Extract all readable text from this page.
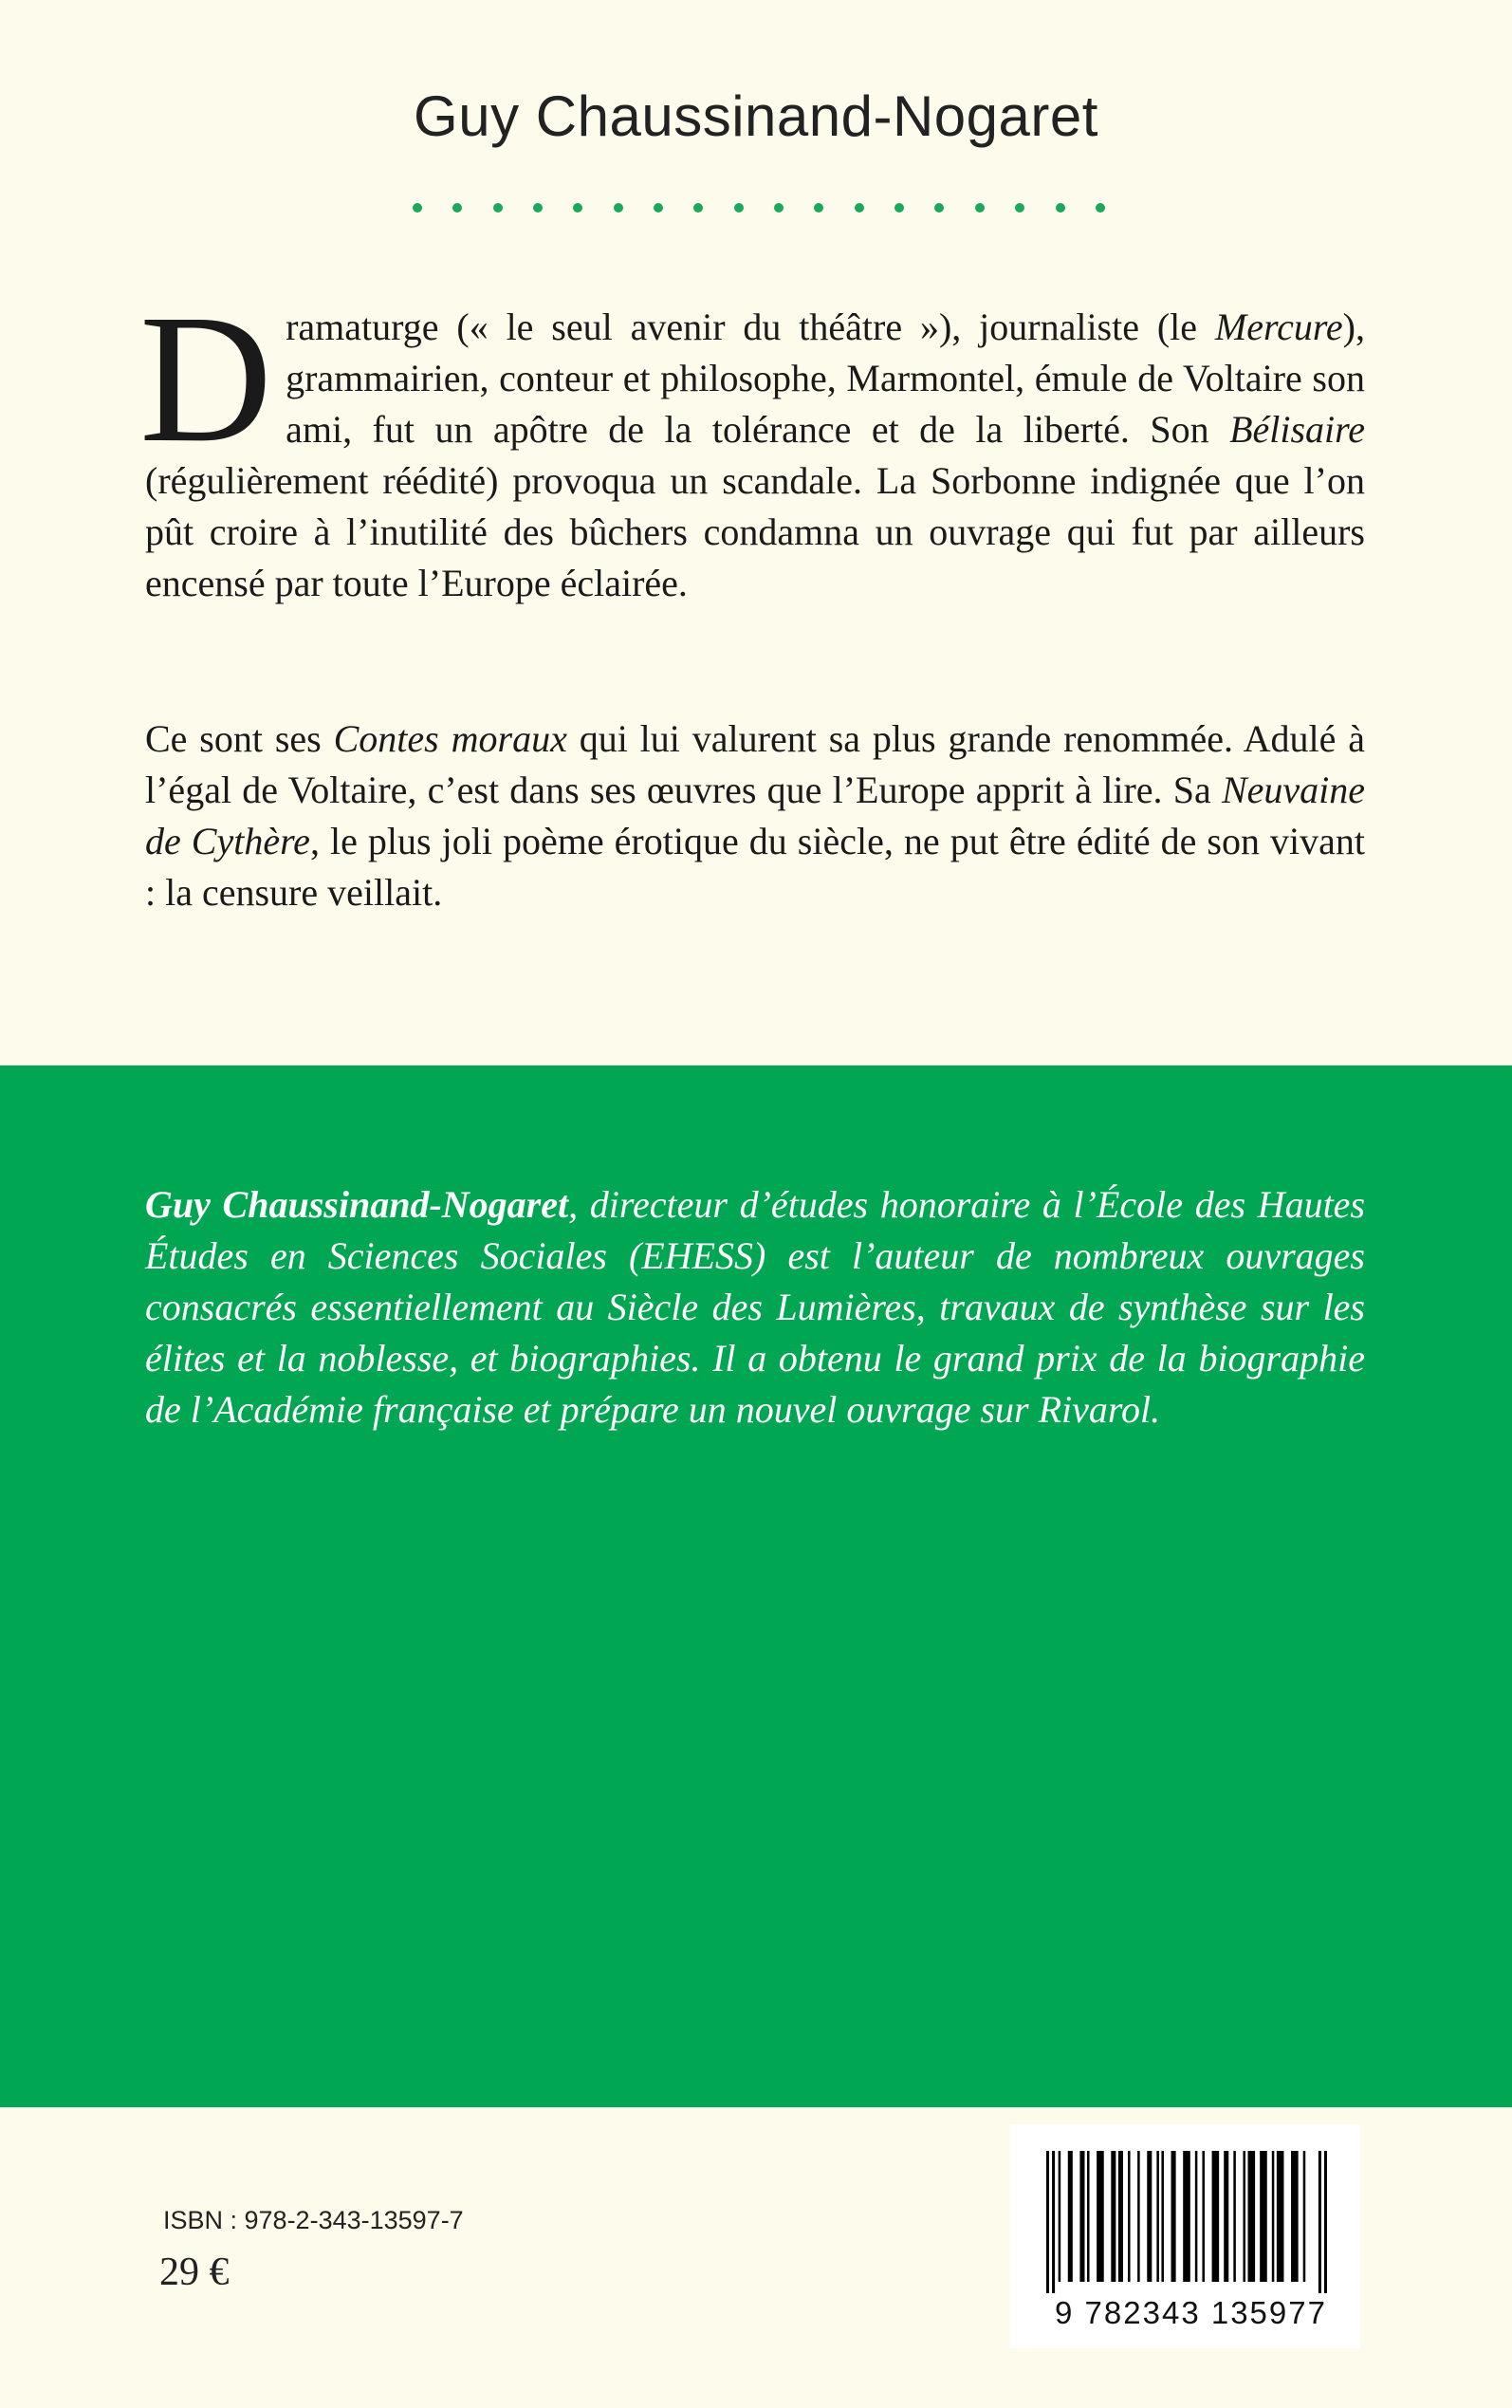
Guy Chaussinand-Nogaret

Dramaturge (« le seul avenir du théâtre »), journaliste (le Mercure), grammairien, conteur et philosophe, Marmontel, émule de Voltaire son ami, fut un apôtre de la tolérance et de la liberté. Son Bélisaire (régulièrement réédité) provoqua un scandale. La Sorbonne indignée que l’on pût croire à l’inutilité des bûchers condamna un ouvrage qui fut par ailleurs encensé par toute l’Europe éclairée.

Ce sont ses Contes moraux qui lui valurent sa plus grande renommée. Adulé à l’égal de Voltaire, c’est dans ses œuvres que l’Europe apprit à lire. Sa Neuvaine de Cythère, le plus joli poème érotique du siècle, ne put être édité de son vivant : la censure veillait.

Guy Chaussinand-Nogaret, directeur d’études honoraire à l’École des Hautes Études en Sciences Sociales (EHESS) est l’auteur de nombreux ouvrages consacrés essentiellement au Siècle des Lumières, travaux de synthèse sur les élites et la noblesse, et biographies. Il a obtenu le grand prix de la biographie de l’Académie française et prépare un nouvel ouvrage sur Rivarol.
ISBN : 978-2-343-13597-7
29 €
9 782343 135977
